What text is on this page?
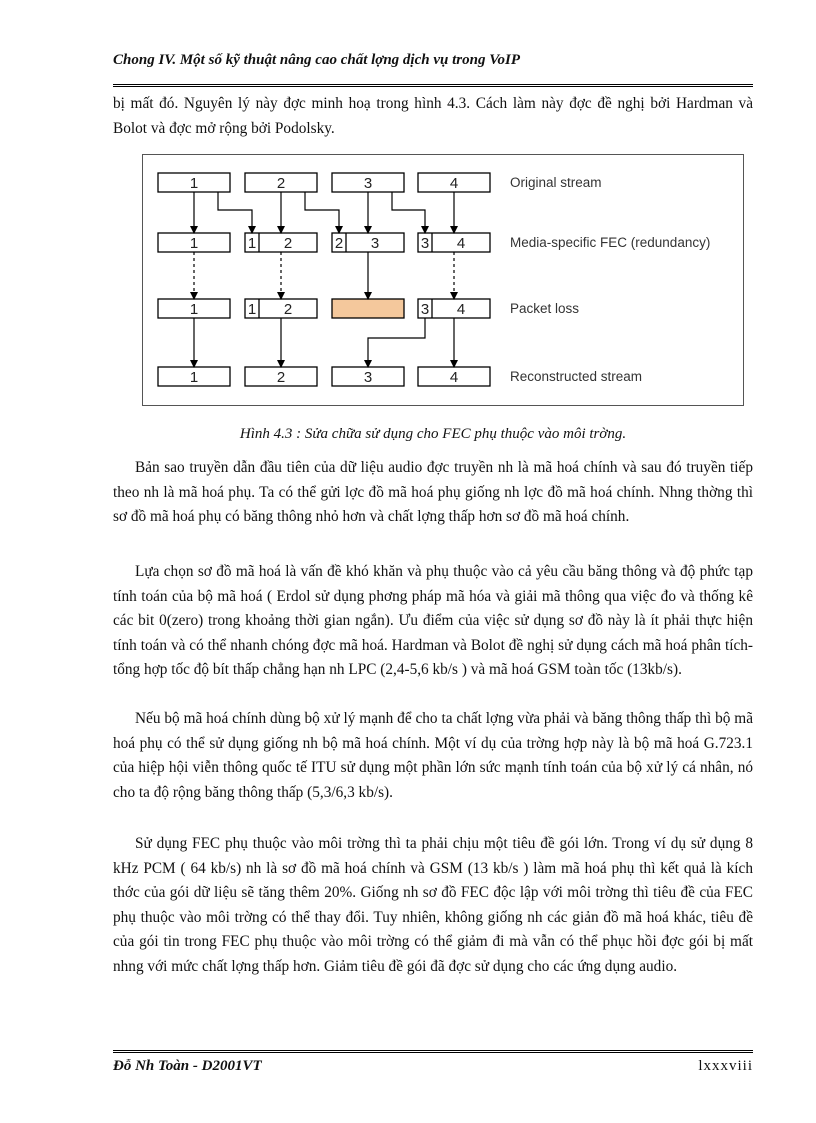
Chong IV. Một số kỹ thuật nâng cao chất lợng dịch vụ trong VoIP

bị mất đó. Nguyên lý này đợc minh hoạ trong hình 4.3. Cách làm này đợc đề nghị bởi Hardman và Bolot và đợc mở rộng bởi Podolsky.

1	2	3	4
1	1 2	2 3	3 4
1	1 2	3 4
1	2	3	4
Original stream
Media-specific FEC (redundancy)
Packet loss
Reconstructed stream
Hình 4.3 : Sửa chữa sử dụng cho FEC phụ thuộc vào môi trờng.

Bản sao truyền dẫn đầu tiên của dữ liệu audio đợc truyền nh là mã hoá chính và sau đó truyền tiếp theo nh là mã hoá phụ. Ta có thể gửi lợc đồ mã hoá phụ giống nh lợc đồ mã hoá chính. Nhng thờng thì sơ đồ mã hoá phụ có băng thông nhỏ hơn và chất lợng thấp hơn sơ đồ mã hoá chính.

Lựa chọn sơ đồ mã hoá là vấn đề khó khăn và phụ thuộc vào cả yêu cầu băng thông và độ phức tạp tính toán của bộ mã hoá ( Erdol sử dụng phơng pháp mã hóa và giải mã thông qua việc đo và thống kê các bit 0(zero) trong khoảng thời gian ngắn). Ưu điểm của việc sử dụng sơ đồ này là ít phải thực hiện tính toán và có thể nhanh chóng đợc mã hoá. Hardman và Bolot đề nghị sử dụng cách mã hoá phân tích-tổng hợp tốc độ bít thấp chẳng hạn nh LPC (2,4-5,6 kb/s ) và mã hoá GSM toàn tốc (13kb/s).

Nếu bộ mã hoá chính dùng bộ xử lý mạnh để cho ta chất lợng vừa phải và băng thông thấp thì bộ mã hoá phụ có thể sử dụng giống nh bộ mã hoá chính. Một ví dụ của trờng hợp này là bộ mã hoá G.723.1 của hiệp hội viễn thông quốc tế ITU sử dụng một phần lớn sức mạnh tính toán của bộ xử lý cá nhân, nó cho ta độ rộng băng thông thấp (5,3/6,3 kb/s).

Sử dụng FEC phụ thuộc vào môi trờng thì ta phải chịu một tiêu đề gói lớn. Trong ví dụ sử dụng 8 kHz PCM ( 64 kb/s) nh là sơ đồ mã hoá chính và GSM (13 kb/s ) làm mã hoá phụ thì kết quả là kích thớc của gói dữ liệu sẽ tăng thêm 20%. Giống nh sơ đồ FEC độc lập với môi trờng thì tiêu đề của FEC phụ thuộc vào môi trờng có thể thay đổi. Tuy nhiên, không giống nh các giản đồ mã hoá khác, tiêu đề của gói tin trong FEC phụ thuộc vào môi trờng có thể giảm đi mà vẫn có thể phục hồi đợc gói bị mất nhng với mức chất lợng thấp hơn. Giảm tiêu đề gói đã đợc sử dụng cho các ứng dụng audio.

Đỗ Nh Toàn - D2001VT	lxxxviii
